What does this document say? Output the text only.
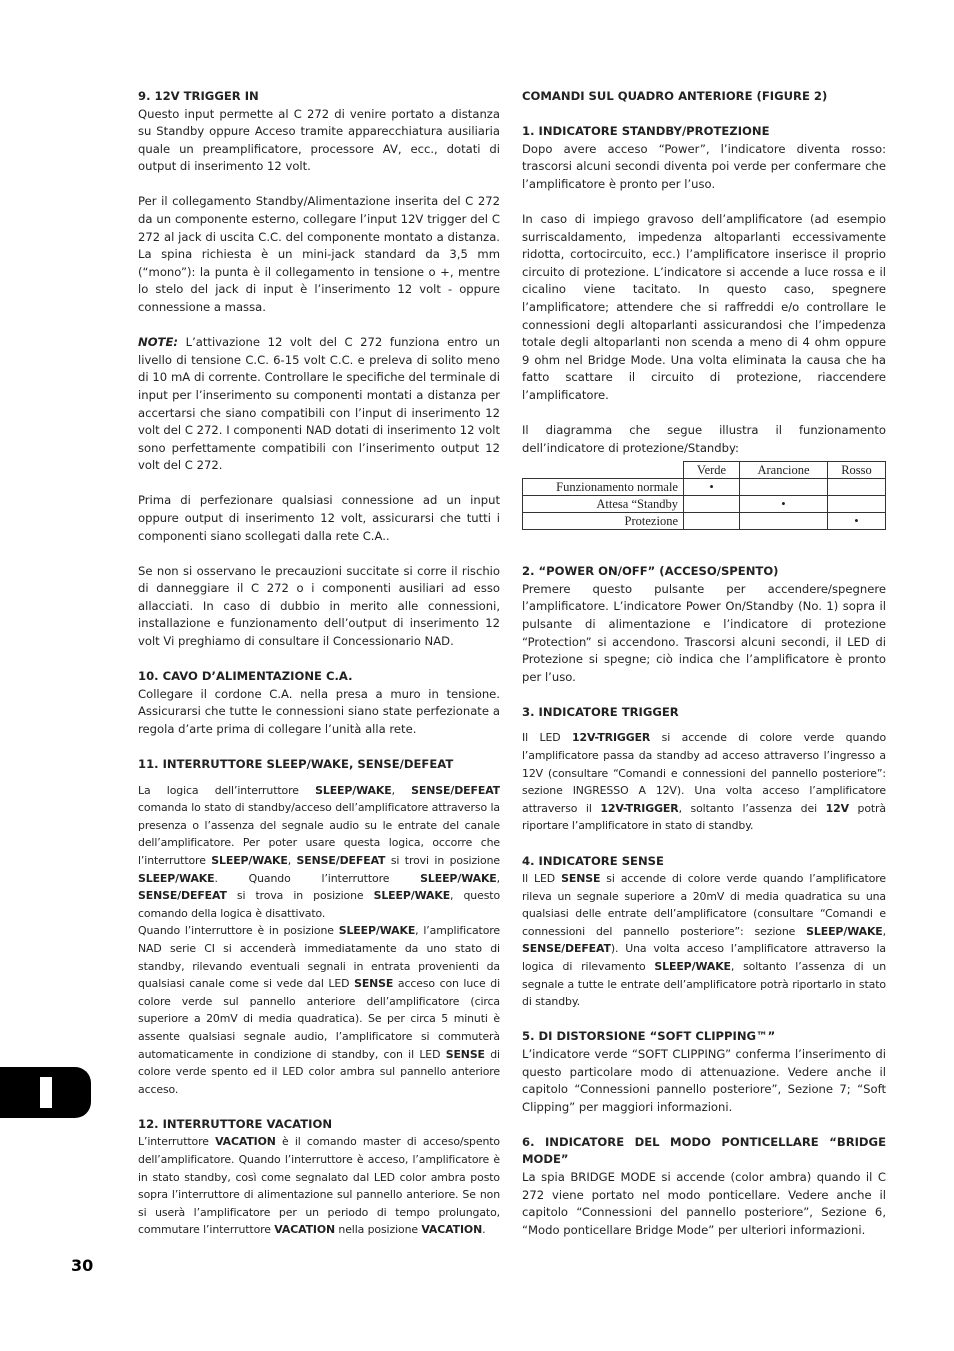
9. 12V TRIGGER IN

Questo input permette al C 272 di venire portato a distanza su Standby oppure Acceso tramite apparecchiatura ausiliaria quale un preamplificatore, processore AV, ecc., dotati di output di inserimento 12 volt.

Per il collegamento Standby/Alimentazione inserita del C 272 da un componente esterno, collegare l’input 12V trigger del C 272 al jack di uscita C.C. del componente montato a distanza. La spina richiesta è un mini-jack standard da 3,5 mm (“mono”): la punta è il collegamento in tensione o +, mentre lo stelo del jack di input è l’inserimento 12 volt - oppure connessione a massa.

NOTE: L’attivazione 12 volt del C 272 funziona entro un livello di tensione C.C. 6-15 volt C.C. e preleva di solito meno di 10 mA di corrente. Controllare le specifiche del terminale di input per l’inserimento su componenti montati a distanza per accertarsi che siano compatibili con l’input di inserimento 12 volt del C 272. I componenti NAD dotati di inserimento 12 volt sono perfettamente compatibili con l’inserimento output 12 volt del C 272.

Prima di perfezionare qualsiasi connessione ad un input oppure output di inserimento 12 volt, assicurarsi che tutti i componenti siano scollegati dalla rete C.A..

Se non si osservano le precauzioni succitate si corre il rischio di danneggiare il C 272 o i componenti ausiliari ad esso allacciati. In caso di dubbio in merito alle connessioni, installazione e funzionamento dell’output di inserimento 12 volt Vi preghiamo di consultare il Concessionario NAD.

10. CAVO D’ALIMENTAZIONE C.A.

Collegare il cordone C.A. nella presa a muro in tensione. Assicurarsi che tutte le connessioni siano state perfezionate a regola d’arte prima di collegare l’unità alla rete.

11. INTERRUTTORE SLEEP/WAKE, SENSE/DEFEAT

La logica dell’interruttore SLEEP/WAKE, SENSE/DEFEAT comanda lo stato di standby/acceso dell’amplificatore attraverso la presenza o l’assenza del segnale audio su le entrate del canale dell’amplificatore. Per poter usare questa logica, occorre che l’interruttore SLEEP/WAKE, SENSE/DEFEAT si trovi in posizione SLEEP/WAKE. Quando l’interruttore SLEEP/WAKE, SENSE/DEFEAT si trova in posizione SLEEP/WAKE, questo comando della logica è disattivato.

Quando l’interruttore è in posizione SLEEP/WAKE, l’amplificatore NAD serie CI si accenderà immediatamente da uno stato di standby, rilevando eventuali segnali in entrata provenienti da qualsiasi canale come si vede dal LED SENSE acceso con luce di colore verde sul pannello anteriore dell’amplificatore (circa superiore a 20mV di media quadratica). Se per circa 5 minuti è assente qualsiasi segnale audio, l’amplificatore si commuterà automaticamente in condizione di standby, con il LED SENSE di colore verde spento ed il LED color ambra sul pannello anteriore acceso.

12. INTERRUTTORE VACATION

L’interruttore VACATION è il comando master di acceso/spento dell’amplificatore. Quando l’interruttore è acceso, l’amplificatore è in stato standby, così come segnalato dal LED color ambra posto sopra l’interruttore di alimentazione sul pannello anteriore. Se non si userà l’amplificatore per un periodo di tempo prolungato, commutare l’interruttore VACATION nella posizione VACATION.

COMANDI SUL QUADRO ANTERIORE (FIGURE 2)

1. INDICATORE STANDBY/PROTEZIONE

Dopo avere acceso “Power”, l’indicatore diventa rosso: trascorsi alcuni secondi diventa poi verde per confermare che l’amplificatore è pronto per l’uso.

In caso di impiego gravoso dell’amplificatore (ad esempio surriscaldamento, impedenza altoparlanti eccessivamente ridotta, cortocircuito, ecc.) l’amplificatore inserisce il proprio circuito di protezione. L’indicatore si accende a luce rossa e il cicalino viene tacitato. In questo caso, spegnere l’amplificatore; attendere che si raffreddi e/o controllare le connessioni degli altoparlanti assicurandosi che l’impedenza totale degli altoparlanti non scenda a meno di 4 ohm oppure 9 ohm nel Bridge Mode. Una volta eliminata la causa che ha fatto scattare il circuito di protezione, riaccendere l’amplificatore.

Il diagramma che segue illustra il funzionamento dell’indicatore di protezione/Standby:

	Verde	Arancione	Rosso
Funzionamento normale	•		
Attesa “Standby		•	
Protezione			•
2. “POWER ON/OFF” (ACCESO/SPENTO)

Premere questo pulsante per accendere/spegnere l’amplificatore. L’indicatore Power On/Standby (No. 1) sopra il pulsante di alimentazione e l’indicatore di protezione “Protection” si accendono. Trascorsi alcuni secondi, il LED di Protezione si spegne; ciò indica che l’amplificatore è pronto per l’uso.

3. INDICATORE TRIGGER

Il LED 12V-TRIGGER si accende di colore verde quando l’amplificatore passa da standby ad acceso attraverso l’ingresso a 12V (consultare “Comandi e connessioni del pannello posteriore”: sezione INGRESSO A 12V). Una volta acceso l’amplificatore attraverso il 12V-TRIGGER, soltanto l’assenza dei 12V potrà riportare l’amplificatore in stato di standby.

4. INDICATORE SENSE

Il LED SENSE si accende di colore verde quando l’amplificatore rileva un segnale superiore a 20mV di media quadratica su una qualsiasi delle entrate dell’amplificatore (consultare “Comandi e connessioni del pannello posteriore”: sezione SLEEP/WAKE, SENSE/DEFEAT). Una volta acceso l’amplificatore attraverso la logica di rilevamento SLEEP/WAKE, soltanto l’assenza di un segnale a tutte le entrate dell’amplificatore potrà riportarlo in stato di standby.

5. DI DISTORSIONE “SOFT CLIPPING™”

L’indicatore verde “SOFT CLIPPING” conferma l’inserimento di questo particolare modo di attenuazione. Vedere anche il capitolo “Connessioni pannello posteriore”, Sezione 7; “Soft Clipping” per maggiori informazioni.

6. INDICATORE DEL MODO PONTICELLARE “BRIDGE MODE”

La spia BRIDGE MODE si accende (color ambra) quando il C 272 viene portato nel modo ponticellare. Vedere anche il capitolo “Connessioni del pannello posteriore”, Sezione 6, “Modo ponticellare Bridge Mode” per ulteriori informazioni.

30
